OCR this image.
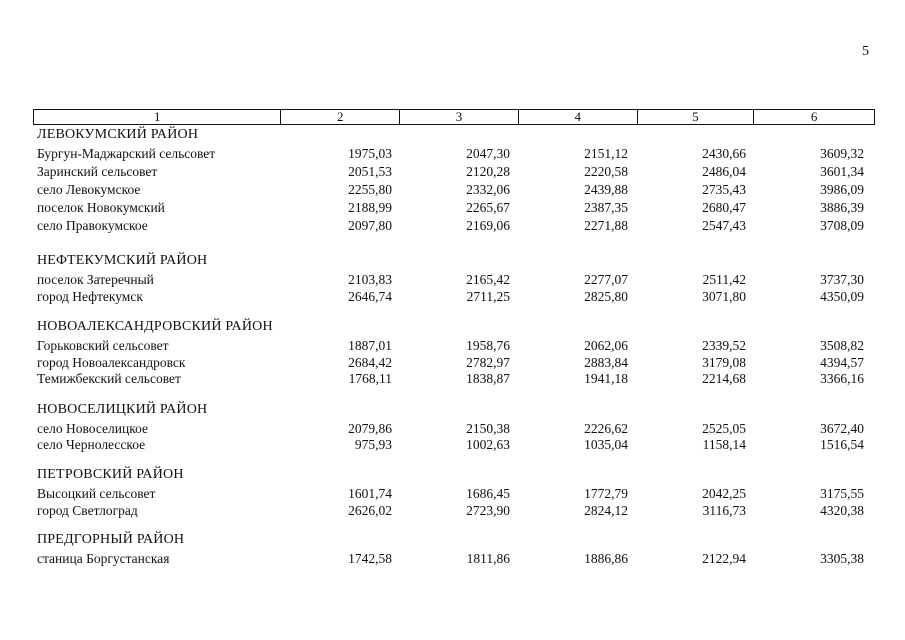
5
1	2	3	4	5	6
ЛЕВОКУМСКИЙ РАЙОН
Бургун-Маджарский сельсовет	1975,03	2047,30	2151,12	2430,66	3609,32
Заринский сельсовет	2051,53	2120,28	2220,58	2486,04	3601,34
село Левокумское	2255,80	2332,06	2439,88	2735,43	3986,09
поселок Новокумский	2188,99	2265,67	2387,35	2680,47	3886,39
село Правокумское	2097,80	2169,06	2271,88	2547,43	3708,09
НЕФТЕКУМСКИЙ РАЙОН
поселок Затеречный	2103,83	2165,42	2277,07	2511,42	3737,30
город Нефтекумск	2646,74	2711,25	2825,80	3071,80	4350,09
НОВОАЛЕКСАНДРОВСКИЙ РАЙОН
Горьковский сельсовет	1887,01	1958,76	2062,06	2339,52	3508,82
город Новоалександровск	2684,42	2782,97	2883,84	3179,08	4394,57
Темижбекский сельсовет	1768,11	1838,87	1941,18	2214,68	3366,16
НОВОСЕЛИЦКИЙ РАЙОН
село Новоселицкое	2079,86	2150,38	2226,62	2525,05	3672,40
село Чернолесское	975,93	1002,63	1035,04	1158,14	1516,54
ПЕТРОВСКИЙ РАЙОН
Высоцкий сельсовет	1601,74	1686,45	1772,79	2042,25	3175,55
город Светлоград	2626,02	2723,90	2824,12	3116,73	4320,38
ПРЕДГОРНЫЙ РАЙОН
станица Боргустанская	1742,58	1811,86	1886,86	2122,94	3305,38
